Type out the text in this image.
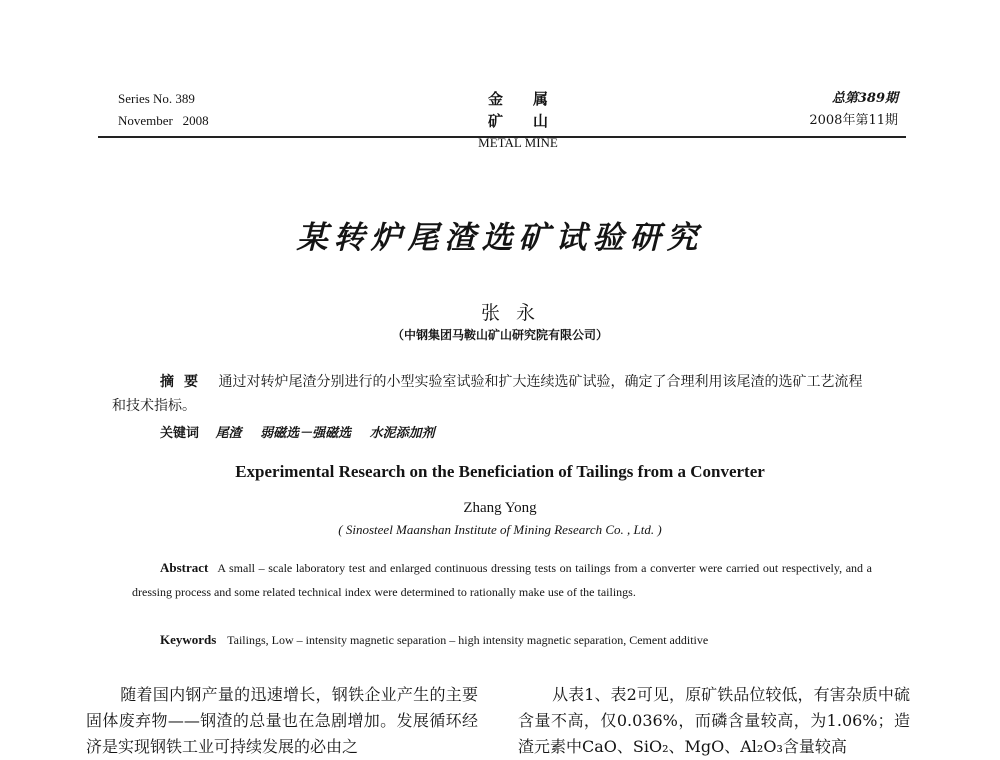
Series No. 389
November   2008
金属矿山
METAL MINE
总第389期
2008年第11期
某转炉尾渣选矿试验研究
张永
（中钢集团马鞍山矿山研究院有限公司）
摘要 通过对转炉尾渣分别进行的小型实验室试验和扩大连续选矿试验，确定了合理利用该尾渣的选矿工艺流程和技术指标。
关键词 尾渣 弱磁选－强磁选 水泥添加剂
Experimental Research on the Beneficiation of Tailings from a Converter
Zhang Yong
( Sinosteel Maanshan Institute of Mining Research Co. , Ltd. )
Abstract A small – scale laboratory test and enlarged continuous dressing tests on tailings from a converter were carried out respectively, and a dressing process and some related technical index were determined to rationally make use of the tailings.
Keywords Tailings, Low – intensity magnetic separation – high intensity magnetic separation, Cement additive
随着国内钢产量的迅速增长，钢铁企业产生的主要固体废弃物——钢渣的总量也在急剧增加。发展循环经济是实现钢铁工业可持续发展的必由之
从表1、表2可见，原矿铁品位较低，有害杂质中硫含量不高，仅0.036%，而磷含量较高，为1.06%；造渣元素中CaO、SiO₂、MgO、Al₂O₃含量较高
